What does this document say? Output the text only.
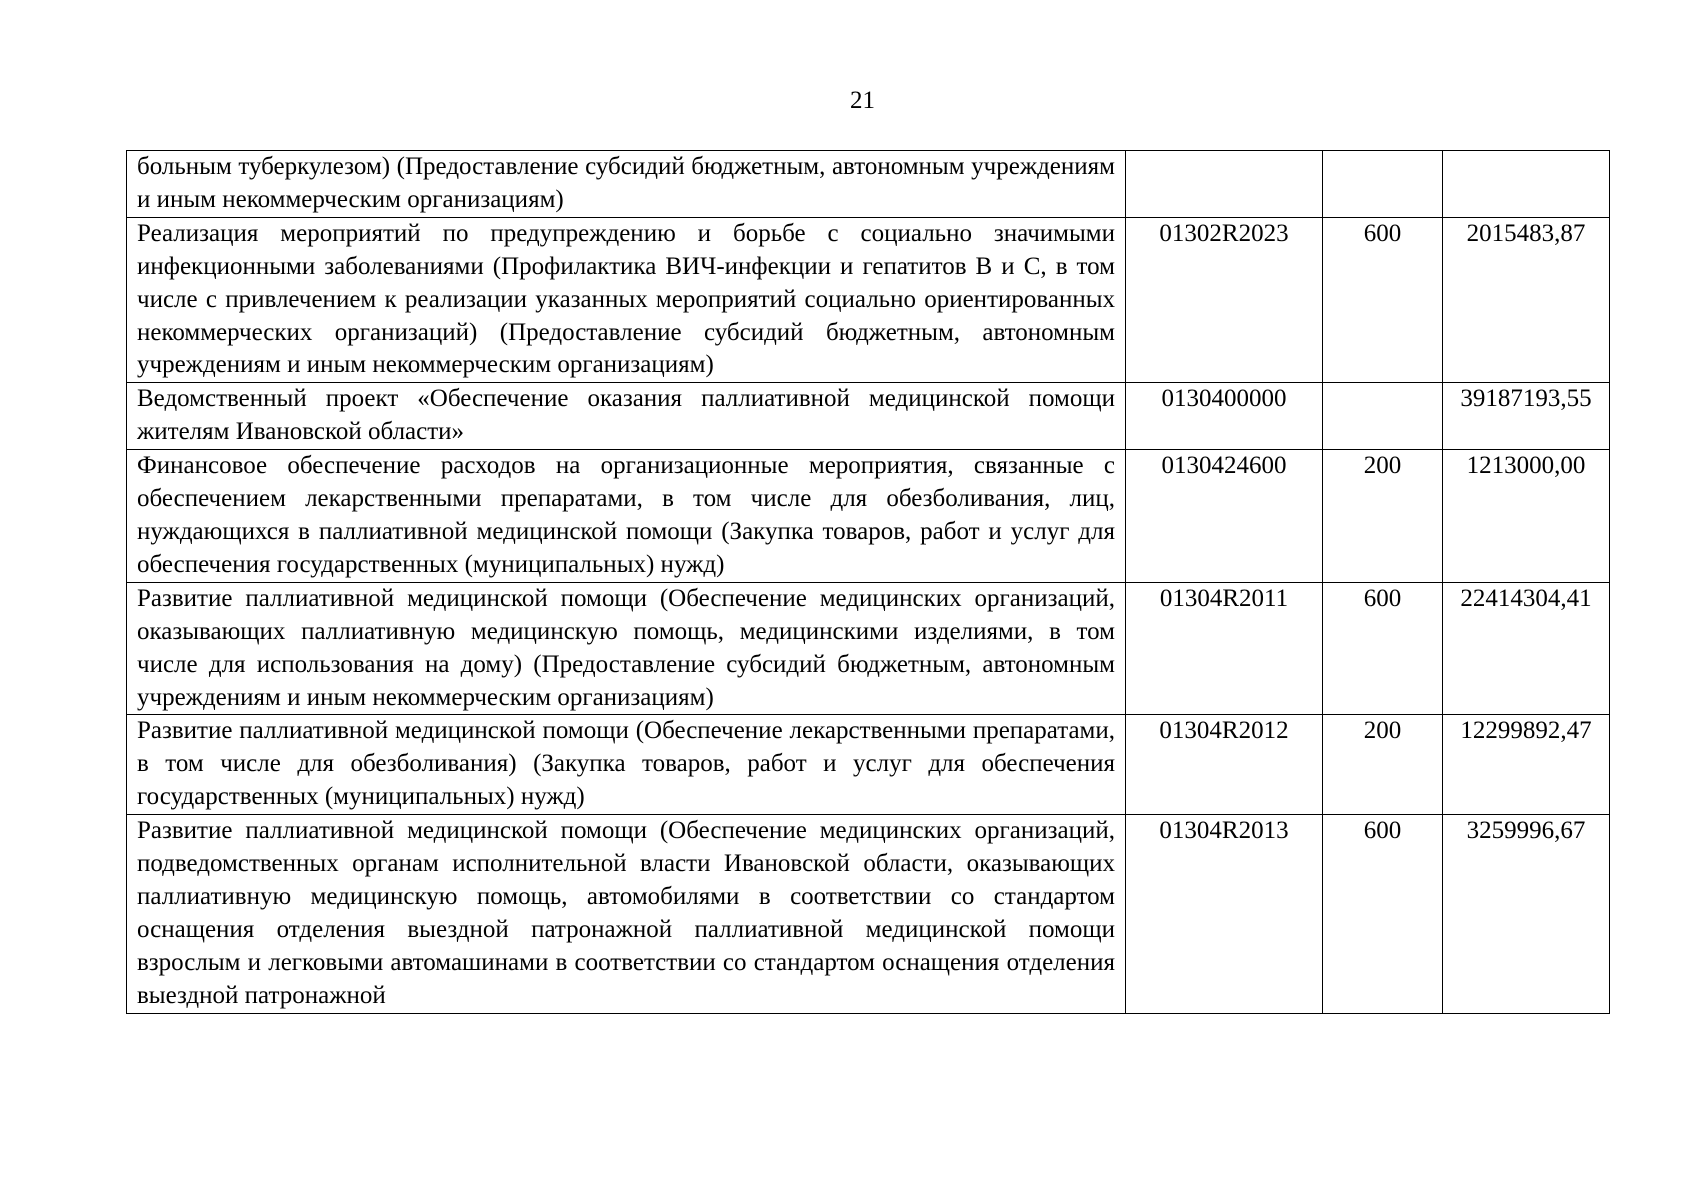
21
больным туберкулезом) (Предоставление субсидий бюджетным, автономным учреждениям и иным некоммерческим организациям)			

Реализация мероприятий по предупреждению и борьбе с социально значимыми инфекционными заболеваниями (Профилактика ВИЧ-инфекции и гепатитов В и С, в том числе с привлечением к реализации указанных мероприятий социально ориентированных некоммерческих организаций) (Предоставление субсидий бюджетным, автономным учреждениям и иным некоммерческим организациям)	01302R2023	600	2015483,87

Ведомственный проект «Обеспечение оказания паллиативной медицинской помощи жителям Ивановской области»	0130400000		39187193,55

Финансовое обеспечение расходов на организационные мероприятия, связанные с обеспечением лекарственными препаратами, в том числе для обезболивания, лиц, нуждающихся в паллиативной медицинской помощи (Закупка товаров, работ и услуг для обеспечения государственных (муниципальных) нужд)	0130424600	200	1213000,00

Развитие паллиативной медицинской помощи (Обеспечение медицинских организаций, оказывающих паллиативную медицинскую помощь, медицинскими изделиями, в том числе для использования на дому) (Предоставление субсидий бюджетным, автономным учреждениям и иным некоммерческим организациям)	01304R2011	600	22414304,41

Развитие паллиативной медицинской помощи (Обеспечение лекарственными препаратами, в том числе для обезболивания) (Закупка товаров, работ и услуг для обеспечения государственных (муниципальных) нужд)	01304R2012	200	12299892,47

Развитие паллиативной медицинской помощи (Обеспечение медицинских организаций, подведомственных органам исполнительной власти Ивановской области, оказывающих паллиативную медицинскую помощь, автомобилями в соответствии со стандартом оснащения отделения выездной патронажной паллиативной медицинской помощи взрослым и легковыми автомашинами в соответствии со стандартом оснащения отделения выездной патронажной	01304R2013	600	3259996,67
